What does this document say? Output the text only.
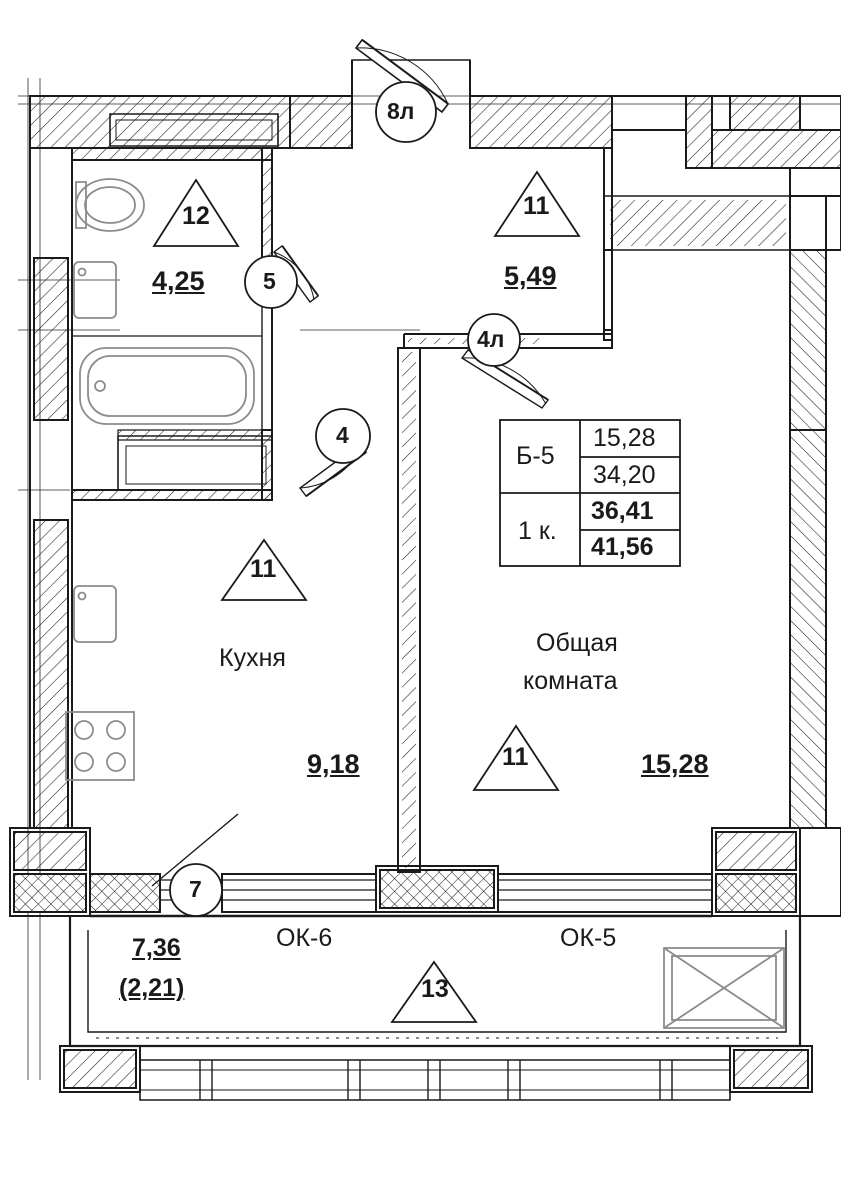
12
4,25
11
5,49
11
Кухня
9,18	11
Общая
комната
15,28
13
7,36
(2,21)
8л
5
4л
4
7
ОК-6	ОК-5
Б-5
1 к.
15,28
34,20
36,41
41,56
